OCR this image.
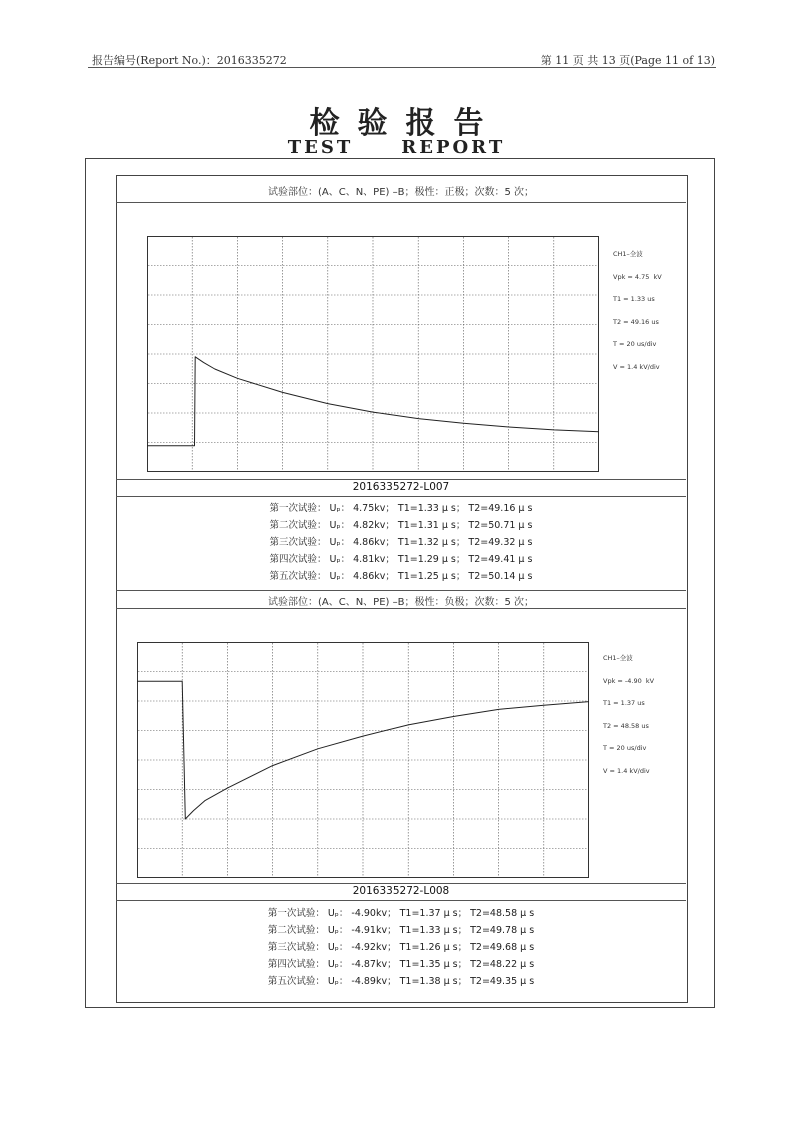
报告编号(Report No.)：2016335272	第 11 页 共 13 页(Page 11 of 13)
检验报告
TEST	REPORT
试验部位：(A、C、N、PE) –B；极性：正极；次数：5 次；

CH1–全波

Vpk = 4.75  kV

T1 = 1.33 us

T2 = 49.16 us

T = 20 us/div

V = 1.4 kV/div

2016335272-L007
第一次试验： Uₚ： 4.75kv； T1=1.33 μ s； T2=49.16 μ s
第二次试验： Uₚ： 4.82kv； T1=1.31 μ s； T2=50.71 μ s
第三次试验： Uₚ： 4.86kv； T1=1.32 μ s； T2=49.32 μ s
第四次试验： Uₚ： 4.81kv； T1=1.29 μ s； T2=49.41 μ s
第五次试验： Uₚ： 4.86kv； T1=1.25 μ s； T2=50.14 μ s
试验部位：(A、C、N、PE) –B；极性：负极；次数：5 次；

CH1–全波

Vpk = -4.90  kV

T1 = 1.37 us

T2 = 48.58 us

T = 20 us/div

V = 1.4 kV/div

2016335272-L008
第一次试验： Uₚ： -4.90kv； T1=1.37 μ s； T2=48.58 μ s
第二次试验： Uₚ： -4.91kv； T1=1.33 μ s； T2=49.78 μ s
第三次试验： Uₚ： -4.92kv； T1=1.26 μ s； T2=49.68 μ s
第四次试验： Uₚ： -4.87kv； T1=1.35 μ s； T2=48.22 μ s
第五次试验： Uₚ： -4.89kv； T1=1.38 μ s； T2=49.35 μ s
